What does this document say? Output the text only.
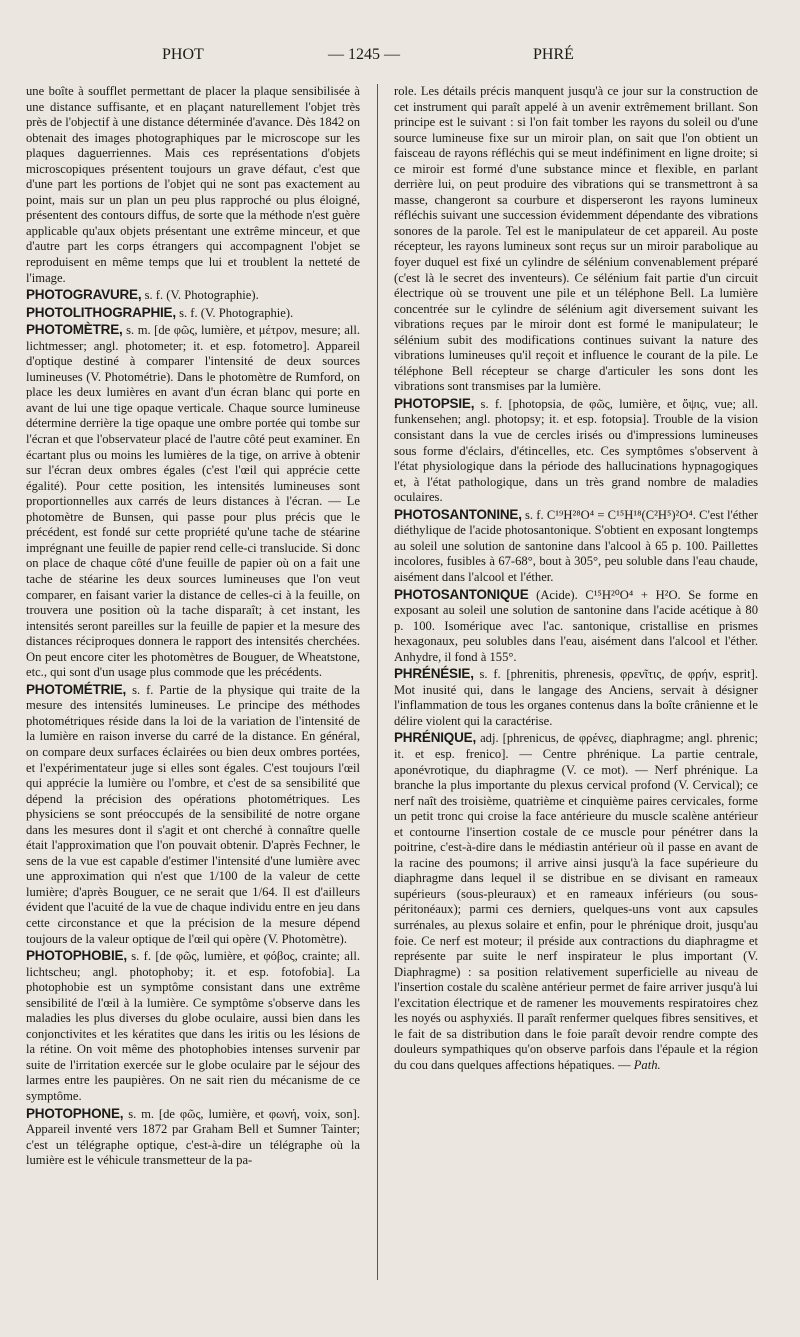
PHOT	— 1245 —	PHRÉ

une boîte à soufflet permettant de placer la plaque sensibilisée à une distance suffisante, et en plaçant naturellement l'objet très près de l'objectif à une distance déterminée d'avance. Dès 1842 on obtenait des images photographiques par le microscope sur les plaques daguerriennes. Mais ces représentations d'objets microscopiques présentent toujours un grave défaut, c'est que d'une part les portions de l'objet qui ne sont pas exactement au point, mais sur un plan un peu plus rapproché ou plus éloigné, présentent des contours diffus, de sorte que la méthode n'est guère applicable qu'aux objets présentant une extrême minceur, et que d'autre part les corps étrangers qui accompagnent l'objet se reproduisent en même temps que lui et troublent la netteté de l'image.

PHOTOGRAVURE, s. f. (V. Photographie).

PHOTOLITHOGRAPHIE, s. f. (V. Photographie).

PHOTOMÈTRE, s. m. [de φῶς, lumière, et μέτρον, mesure; all. lichtmesser; angl. photometer; it. et esp. fotometro]. Appareil d'optique destiné à comparer l'intensité de deux sources lumineuses (V. Photométrie). Dans le photomètre de Rumford, on place les deux lumières en avant d'un écran blanc qui porte en avant de lui une tige opaque verticale. Chaque source lumineuse détermine derrière la tige opaque une ombre portée qui tombe sur l'écran et que l'observateur placé de l'autre côté peut examiner. En écartant plus ou moins les lumières de la tige, on arrive à obtenir sur l'écran deux ombres égales (c'est l'œil qui apprécie cette égalité). Pour cette position, les intensités lumineuses sont proportionnelles aux carrés de leurs distances à l'écran. — Le photomètre de Bunsen, qui passe pour plus précis que le précédent, est fondé sur cette propriété qu'une tache de stéarine imprégnant une feuille de papier rend celle-ci translucide. Si donc on place de chaque côté d'une feuille de papier où on a fait une tache de stéarine les deux sources lumineuses que l'on veut comparer, en faisant varier la distance de celles-ci à la feuille, on trouvera une position où la tache disparaît; à cet instant, les intensités seront pareilles sur la feuille de papier et la mesure des distances réciproques donnera le rapport des intensités cherchées. On peut encore citer les photomètres de Bouguer, de Wheatstone, etc., qui sont d'un usage plus commode que les précédents.

PHOTOMÉTRIE, s. f. Partie de la physique qui traite de la mesure des intensités lumineuses. Le principe des méthodes photométriques réside dans la loi de la variation de l'intensité de la lumière en raison inverse du carré de la distance. En général, on compare deux surfaces éclairées ou bien deux ombres portées, et l'expérimentateur juge si elles sont égales. C'est toujours l'œil qui apprécie la lumière ou l'ombre, et c'est de sa sensibilité que dépend la précision des opérations photométriques. Les physiciens se sont préoccupés de la sensibilité de notre organe dans les mesures dont il s'agit et ont cherché à connaître quelle était l'approximation que l'on pouvait obtenir. D'après Fechner, le sens de la vue est capable d'estimer l'intensité d'une lumière avec une approximation qui n'est que 1/100 de la valeur de cette lumière; d'après Bouguer, ce ne serait que 1/64. Il est d'ailleurs évident que l'acuité de la vue de chaque individu entre en jeu dans cette circonstance et que la précision de la mesure dépend toujours de la valeur optique de l'œil qui opère (V. Photomètre).

PHOTOPHOBIE, s. f. [de φῶς, lumière, et φόβος, crainte; all. lichtscheu; angl. photophoby; it. et esp. fotofobia]. La photophobie est un symptôme consistant dans une extrême sensibilité de l'œil à la lumière. Ce symptôme s'observe dans les maladies les plus diverses du globe oculaire, aussi bien dans les conjonctivites et les kératites que dans les iritis ou les lésions de la rétine. On voit même des photophobies intenses survenir par suite de l'irritation exercée sur le globe oculaire par le séjour des larmes entre les paupières. On ne sait rien du mécanisme de ce symptôme.

PHOTOPHONE, s. m. [de φῶς, lumière, et φωνή, voix, son]. Appareil inventé vers 1872 par Graham Bell et Sumner Tainter; c'est un télégraphe optique, c'est-à-dire un télégraphe où la lumière est le véhicule transmetteur de la pa-

role. Les détails précis manquent jusqu'à ce jour sur la construction de cet instrument qui paraît appelé à un avenir extrêmement brillant. Son principe est le suivant : si l'on fait tomber les rayons du soleil ou d'une source lumineuse fixe sur un miroir plan, on sait que l'on obtient un faisceau de rayons réfléchis qui se meut indéfiniment en ligne droite; si ce miroir est formé d'une substance mince et flexible, en parlant derrière lui, on peut produire des vibrations qui se transmettront à sa masse, changeront sa courbure et disperseront les rayons lumineux réfléchis suivant une succession évidemment dépendante des vibrations sonores de la parole. Tel est le manipulateur de cet appareil. Au poste récepteur, les rayons lumineux sont reçus sur un miroir parabolique au foyer duquel est fixé un cylindre de sélénium convenablement préparé (c'est là le secret des inventeurs). Ce sélénium fait partie d'un circuit électrique où se trouvent une pile et un téléphone Bell. La lumière concentrée sur le cylindre de sélénium agit diversement suivant les vibrations reçues par le miroir dont est formé le manipulateur; le sélénium subit des modifications continues suivant la nature des vibrations lumineuses qu'il reçoit et influence le courant de la pile. Le téléphone Bell récepteur se charge d'articuler les sons dont les vibrations sont transmises par la lumière.

PHOTOPSIE, s. f. [photopsia, de φῶς, lumière, et ὄψις, vue; all. funkensehen; angl. photopsy; it. et esp. fotopsia]. Trouble de la vision consistant dans la vue de cercles irisés ou d'impressions lumineuses sous forme d'éclairs, d'étincelles, etc. Ces symptômes s'observent à l'état physiologique dans la période des hallucinations hypnagogiques et, à l'état pathologique, dans un très grand nombre de maladies oculaires.

PHOTOSANTONINE, s. f. C¹⁹H²⁸O⁴ = C¹⁵H¹⁸(C²H⁵)²O⁴. C'est l'éther diéthylique de l'acide photosantonique. S'obtient en exposant longtemps au soleil une solution de santonine dans l'alcool à 65 p. 100. Paillettes incolores, fusibles à 67-68°, bout à 305°, peu soluble dans l'eau chaude, aisément dans l'alcool et l'éther.

PHOTOSANTONIQUE (Acide). C¹⁵H²⁰O⁴ + H²O. Se forme en exposant au soleil une solution de santonine dans l'acide acétique à 80 p. 100. Isomérique avec l'ac. santonique, cristallise en prismes hexagonaux, peu solubles dans l'eau, aisément dans l'alcool et l'éther. Anhydre, il fond à 155°.

PHRÉNÉSIE, s. f. [phrenitis, phrenesis, φρενῖτις, de φρήν, esprit]. Mot inusité qui, dans le langage des Anciens, servait à désigner l'inflammation de tous les organes contenus dans la boîte crânienne et le délire violent qui la caractérise.

PHRÉNIQUE, adj. [phrenicus, de φρένες, diaphragme; angl. phrenic; it. et esp. frenico]. — Centre phrénique. La partie centrale, aponévrotique, du diaphragme (V. ce mot). — Nerf phrénique. La branche la plus importante du plexus cervical profond (V. Cervical); ce nerf naît des troisième, quatrième et cinquième paires cervicales, forme un petit tronc qui croise la face antérieure du muscle scalène antérieur et contourne l'insertion costale de ce muscle pour pénétrer dans la poitrine, c'est-à-dire dans le médiastin antérieur où il passe en avant de la racine des poumons; il arrive ainsi jusqu'à la face supérieure du diaphragme dans lequel il se distribue en se divisant en rameaux supérieurs (sous-pleuraux) et en rameaux inférieurs (ou sous-péritonéaux); parmi ces derniers, quelques-uns vont aux capsules surrénales, au plexus solaire et enfin, pour le phrénique droit, jusqu'au foie. Ce nerf est moteur; il préside aux contractions du diaphragme et représente par suite le nerf inspirateur le plus important (V. Diaphragme) : sa position relativement superficielle au niveau de l'insertion costale du scalène antérieur permet de faire arriver jusqu'à lui l'excitation électrique et de ramener les mouvements respiratoires chez les noyés ou asphyxiés. Il paraît renfermer quelques fibres sensitives, et le fait de sa distribution dans le foie paraît devoir rendre compte des douleurs sympathiques qu'on observe parfois dans l'épaule et la région du cou dans quelques affections hépatiques. — Path.
